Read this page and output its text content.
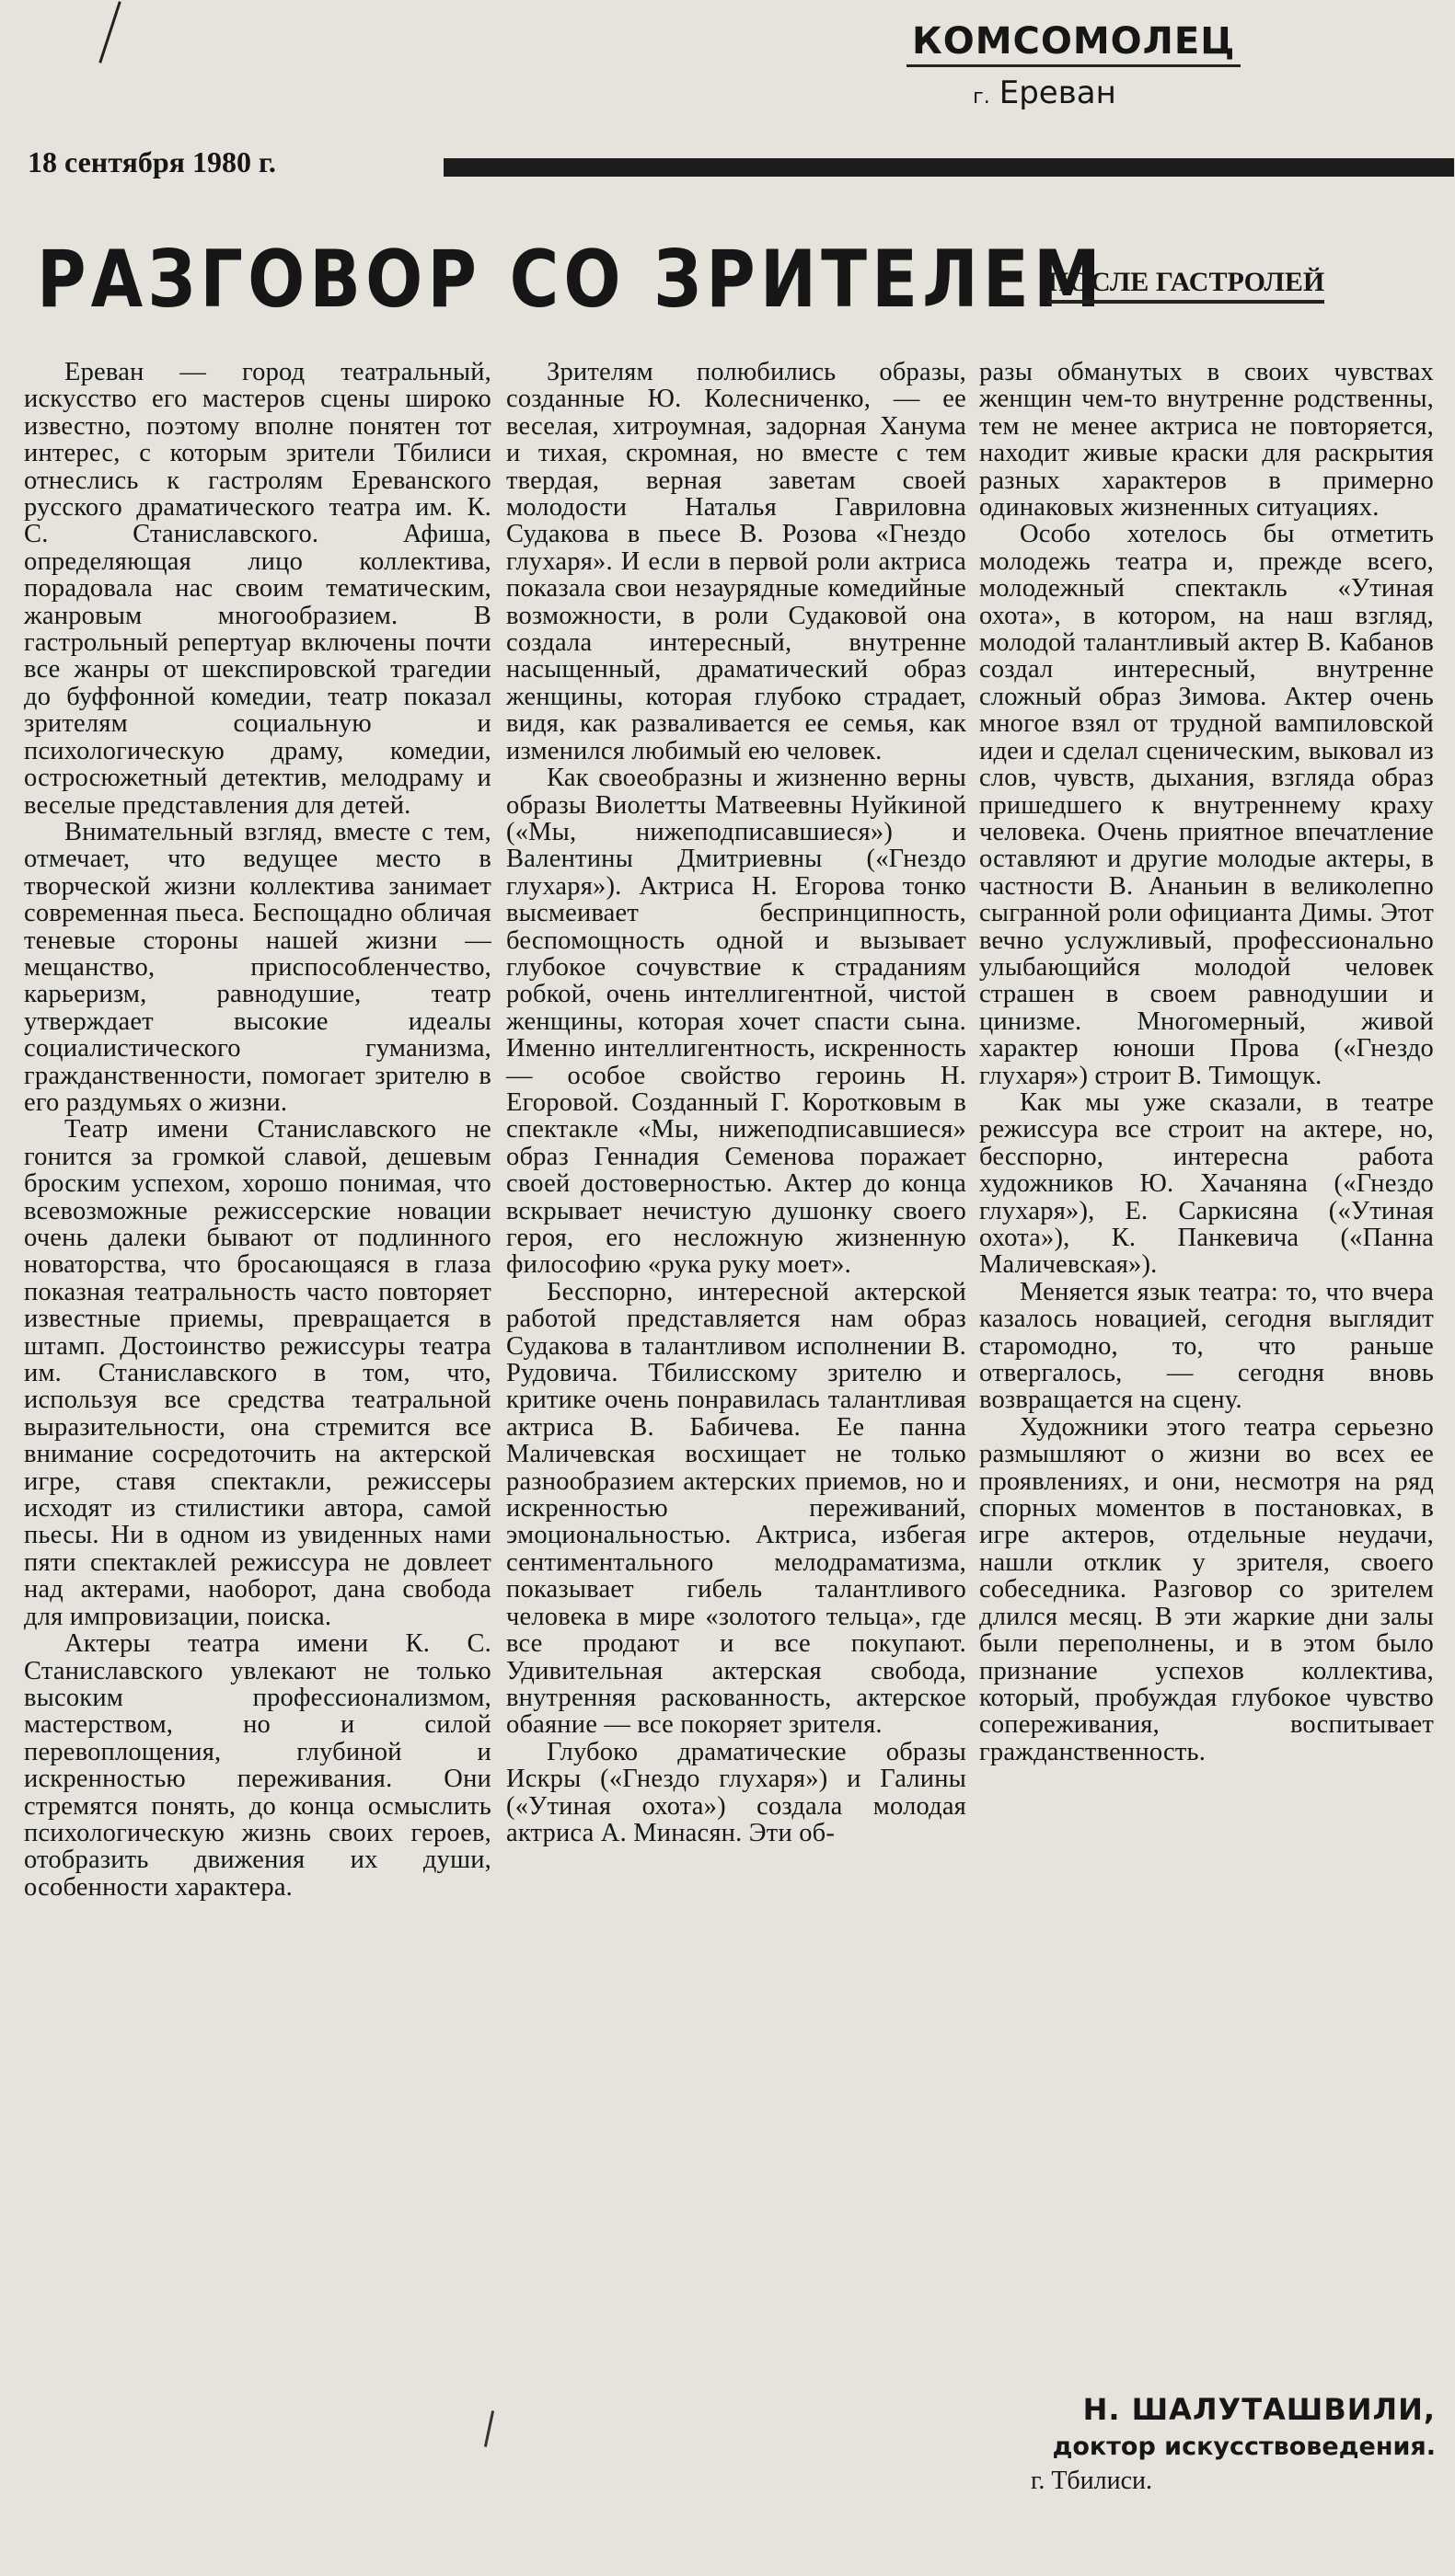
КОМСОМОЛЕЦ
г. Ереван
18 сентября 1980 г.
РАЗГОВОР СО ЗРИТЕЛЕМ
ПОСЛЕ ГАСТРОЛЕЙ

Ереван — город театральный, искусство его мастеров сцены широко известно, поэтому вполне понятен тот интерес, с которым зрители Тбилиси отнеслись к гастролям Ереванского русского драматического театра им. К. С. Станиславского. Афиша, определяющая лицо коллектива, порадовала нас своим тематическим, жанровым многообразием. В гастрольный репертуар включены почти все жанры от шекспировской трагедии до буффонной комедии, театр показал зрителям социальную и психологическую драму, комедии, остросюжетный детектив, мелодраму и веселые представления для детей.

Внимательный взгляд, вместе с тем, отмечает, что ведущее место в творческой жизни коллектива занимает современная пьеса. Беспощадно обличая теневые стороны нашей жизни — мещанство, приспособленчество, карьеризм, равнодушие, театр утверждает высокие идеалы социалистического гуманизма, гражданственности, помогает зрителю в его раздумьях о жизни.

Театр имени Станиславского не гонится за громкой славой, дешевым броским успехом, хорошо понимая, что всевозможные режиссерские новации очень далеки бывают от подлинного новаторства, что бросающаяся в глаза показная театральность часто повторяет известные приемы, превращается в штамп. Достоинство режиссуры театра им. Станиславского в том, что, используя все средства театральной выразительности, она стремится все внимание сосредоточить на актерской игре, ставя спектакли, режиссеры исходят из стилистики автора, самой пьесы. Ни в одном из увиденных нами пяти спектаклей режиссура не довлеет над актерами, наоборот, дана свобода для импровизации, поиска.

Актеры театра имени К. С. Станиславского увлекают не только высоким профессионализмом, мастерством, но и силой перевоплощения, глубиной и искренностью переживания. Они стремятся понять, до конца осмыслить психологическую жизнь своих героев, отобразить движения их души, особенности характера.

Зрителям полюбились образы, созданные Ю. Колесниченко, — ее веселая, хитроумная, задорная Ханума и тихая, скромная, но вместе с тем твердая, верная заветам своей молодости Наталья Гавриловна Судакова в пьесе В. Розова «Гнездо глухаря». И если в первой роли актриса показала свои незаурядные комедийные возможности, в роли Судаковой она создала интересный, внутренне насыщенный, драматический образ женщины, которая глубоко страдает, видя, как разваливается ее семья, как изменился любимый ею человек.

Как своеобразны и жизненно верны образы Виолетты Матвеевны Нуйкиной («Мы, нижеподписавшиеся») и Валентины Дмитриевны («Гнездо глухаря»). Актриса Н. Егорова тонко высмеивает беспринципность, беспомощность одной и вызывает глубокое сочувствие к страданиям робкой, очень интеллигентной, чистой женщины, которая хочет спасти сына. Именно интеллигентность, искренность — особое свойство героинь Н. Егоровой. Созданный Г. Коротковым в спектакле «Мы, нижеподписавшиеся» образ Геннадия Семенова поражает своей достоверностью. Актер до конца вскрывает нечистую душонку своего героя, его несложную жизненную философию «рука руку моет».

Бесспорно, интересной актерской работой представляется нам образ Судакова в талантливом исполнении В. Рудовича. Тбилисскому зрителю и критике очень понравилась талантливая актриса В. Бабичева. Ее панна Маличевская восхищает не только разнообразием актерских приемов, но и искренностью переживаний, эмоциональностью. Актриса, избегая сентиментального мелодраматизма, показывает гибель талантливого человека в мире «золотого тельца», где все продают и все покупают. Удивительная актерская свобода, внутренняя раскованность, актерское обаяние — все покоряет зрителя.

Глубоко драматические образы Искры («Гнездо глухаря») и Галины («Утиная охота») создала молодая актриса А. Минасян. Эти об-

разы обманутых в своих чувствах женщин чем-то внутренне родственны, тем не менее актриса не повторяется, находит живые краски для раскрытия разных характеров в примерно одинаковых жизненных ситуациях.

Особо хотелось бы отметить молодежь театра и, прежде всего, молодежный спектакль «Утиная охота», в котором, на наш взгляд, молодой талантливый актер В. Кабанов создал интересный, внутренне сложный образ Зимова. Актер очень многое взял от трудной вампиловской идеи и сделал сценическим, выковал из слов, чувств, дыхания, взгляда образ пришедшего к внутреннему краху человека. Очень приятное впечатление оставляют и другие молодые актеры, в частности В. Ананьин в великолепно сыгранной роли официанта Димы. Этот вечно услужливый, профессионально улыбающийся молодой человек страшен в своем равнодушии и цинизме. Многомерный, живой характер юноши Прова («Гнездо глухаря») строит В. Тимощук.

Как мы уже сказали, в театре режиссура все строит на актере, но, бесспорно, интересна работа художников Ю. Хачаняна («Гнездо глухаря»), Е. Саркисяна («Утиная охота»), К. Панкевича («Панна Маличевская»).

Меняется язык театра: то, что вчера казалось новацией, сегодня выглядит старомодно, то, что раньше отвергалось, — сегодня вновь возвращается на сцену.

Художники этого театра серьезно размышляют о жизни во всех ее проявлениях, и они, несмотря на ряд спорных моментов в постановках, в игре актеров, отдельные неудачи, нашли отклик у зрителя, своего собеседника. Разговор со зрителем длился месяц. В эти жаркие дни залы были переполнены, и в этом было признание успехов коллектива, который, пробуждая глубокое чувство сопереживания, воспитывает гражданственность.

Н. ШАЛУТАШВИЛИ,
доктор искусствоведения.
г. Тбилиси.
